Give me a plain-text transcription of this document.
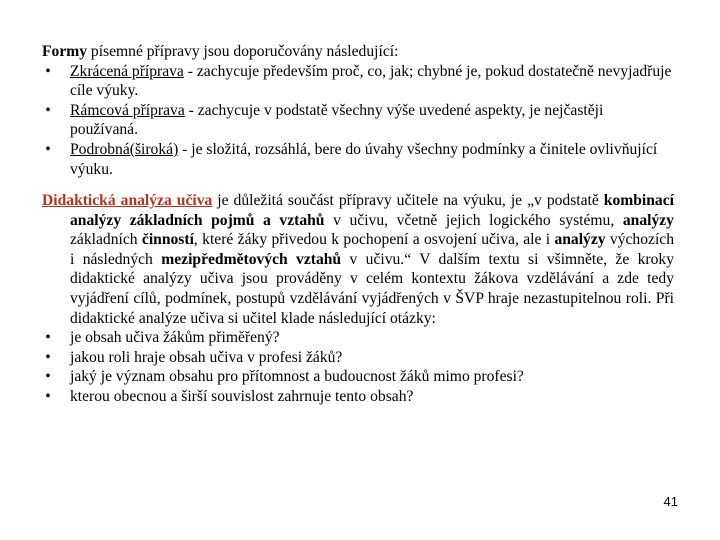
Formy písemné přípravy jsou doporučovány následující:

• Zkrácená příprava - zachycuje především proč, co, jak; chybné je, pokud dostatečně nevyjadřuje cíle výuky.
• Rámcová příprava - zachycuje v podstatě všechny výše uvedené aspekty, je nejčastěji používaná.
• Podrobná(široká) - je složitá, rozsáhlá, bere do úvahy všechny podmínky a činitele ovlivňující výuku.

Didaktická analýza učiva je důležitá součást přípravy učitele na výuku, je „v podstatě kombinací analýzy základních pojmů a vztahů v učivu, včetně jejich logického systému, analýzy základních činností, které žáky přivedou k pochopení a osvojení učiva, ale i analýzy výchozích i následných mezipředmětových vztahů v učivu.“ V dalším textu si všimněte, že kroky didaktické analýzy učiva jsou prováděny v celém kontextu žákova vzdělávání a zde tedy vyjádření cílů, podmínek, postupů vzdělávání vyjádřených v ŠVP hraje nezastupitelnou roli. Při didaktické analýze učiva si učitel klade následující otázky:

• je obsah učiva žákům přiměřený?
• jakou roli hraje obsah učiva v profesi žáků?
• jaký je význam obsahu pro přítomnost a budoucnost žáků mimo profesi?
• kterou obecnou a širší souvislost zahrnuje tento obsah?
41
